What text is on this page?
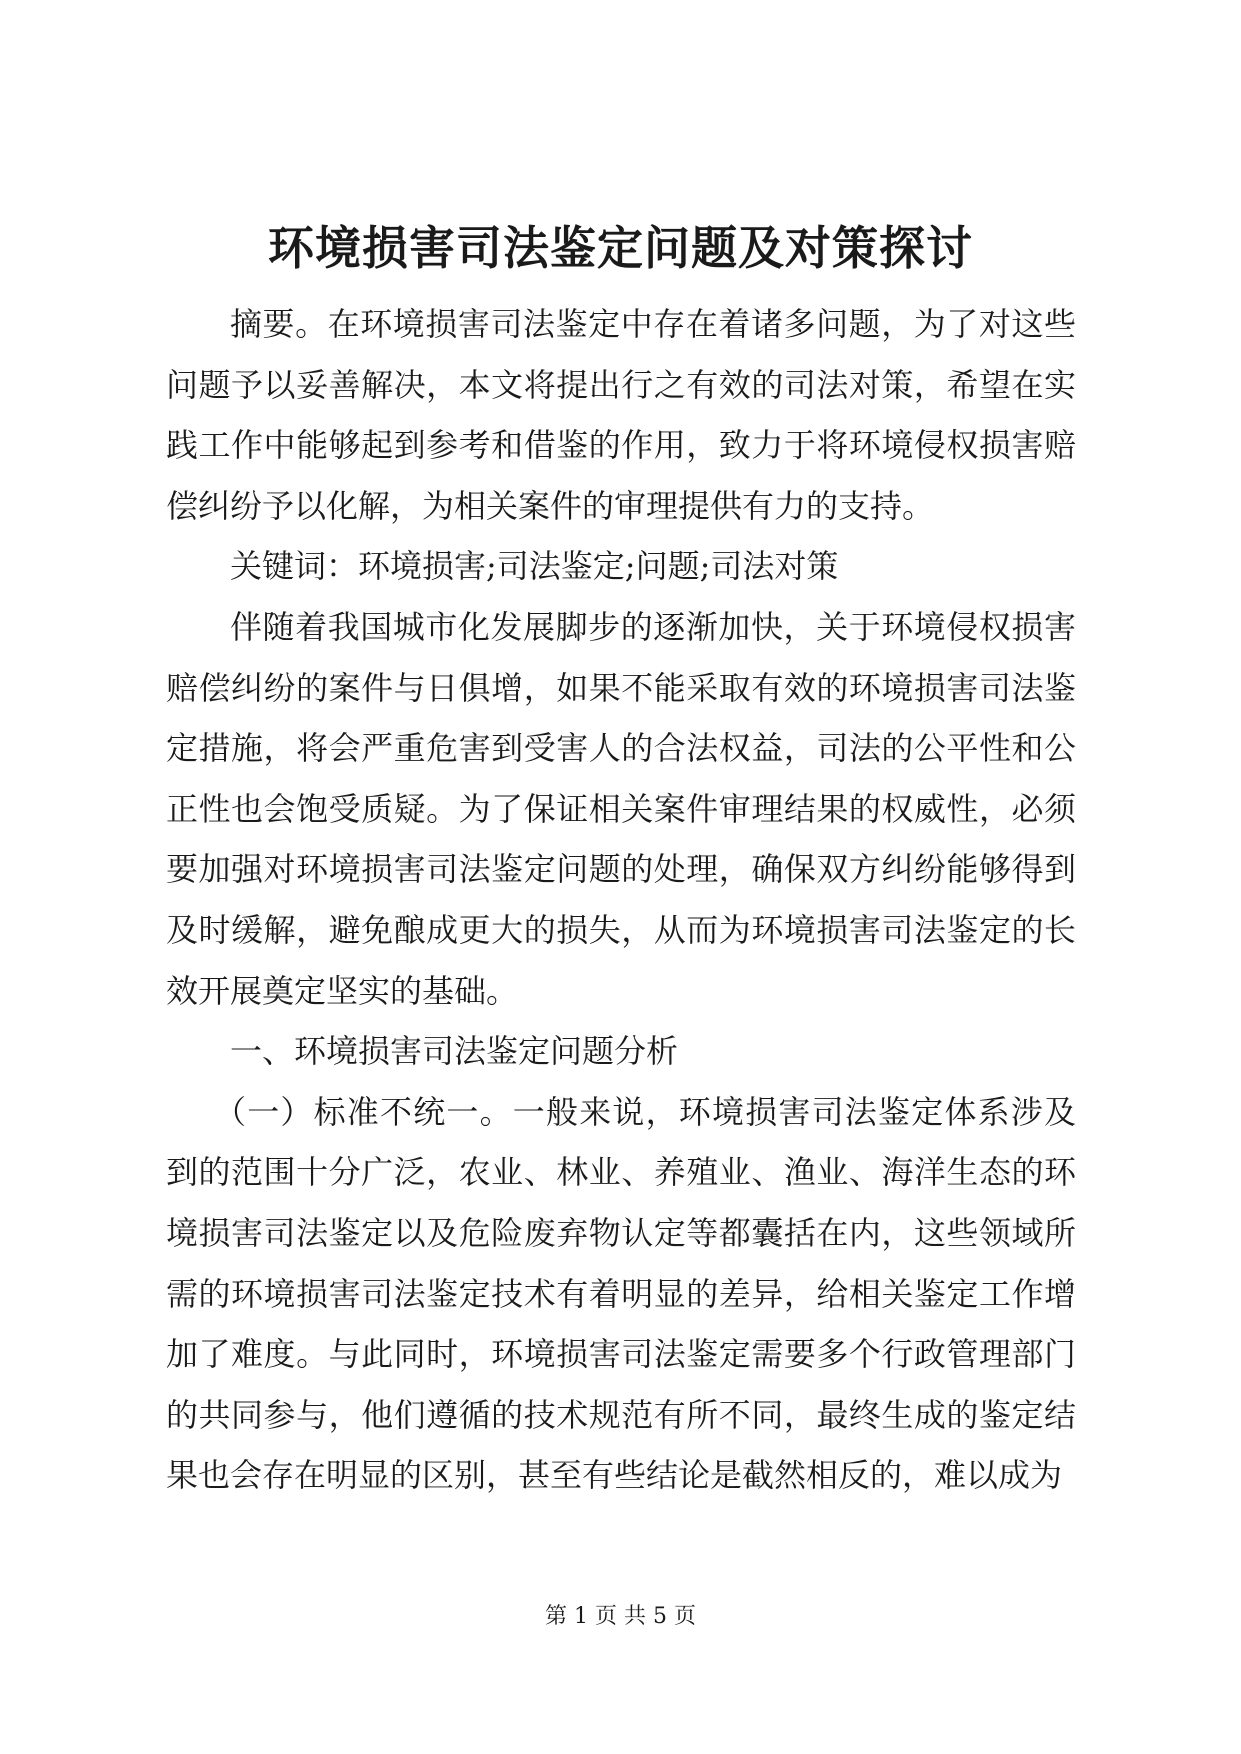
环境损害司法鉴定问题及对策探讨

摘要。在环境损害司法鉴定中存在着诸多问题，为了对这些问题予以妥善解决，本文将提出行之有效的司法对策，希望在实践工作中能够起到参考和借鉴的作用，致力于将环境侵权损害赔偿纠纷予以化解，为相关案件的审理提供有力的支持。

关键词：环境损害;司法鉴定;问题;司法对策

伴随着我国城市化发展脚步的逐渐加快，关于环境侵权损害赔偿纠纷的案件与日俱增，如果不能采取有效的环境损害司法鉴定措施，将会严重危害到受害人的合法权益，司法的公平性和公正性也会饱受质疑。为了保证相关案件审理结果的权威性，必须要加强对环境损害司法鉴定问题的处理，确保双方纠纷能够得到及时缓解，避免酿成更大的损失，从而为环境损害司法鉴定的长效开展奠定坚实的基础。

一、环境损害司法鉴定问题分析

（一）标准不统一。一般来说，环境损害司法鉴定体系涉及到的范围十分广泛，农业、林业、养殖业、渔业、海洋生态的环境损害司法鉴定以及危险废弃物认定等都囊括在内，这些领域所需的环境损害司法鉴定技术有着明显的差异，给相关鉴定工作增加了难度。与此同时，环境损害司法鉴定需要多个行政管理部门的共同参与，他们遵循的技术规范有所不同，最终生成的鉴定结果也会存在明显的区别，甚至有些结论是截然相反的，难以成为

第 1 页 共 5 页
